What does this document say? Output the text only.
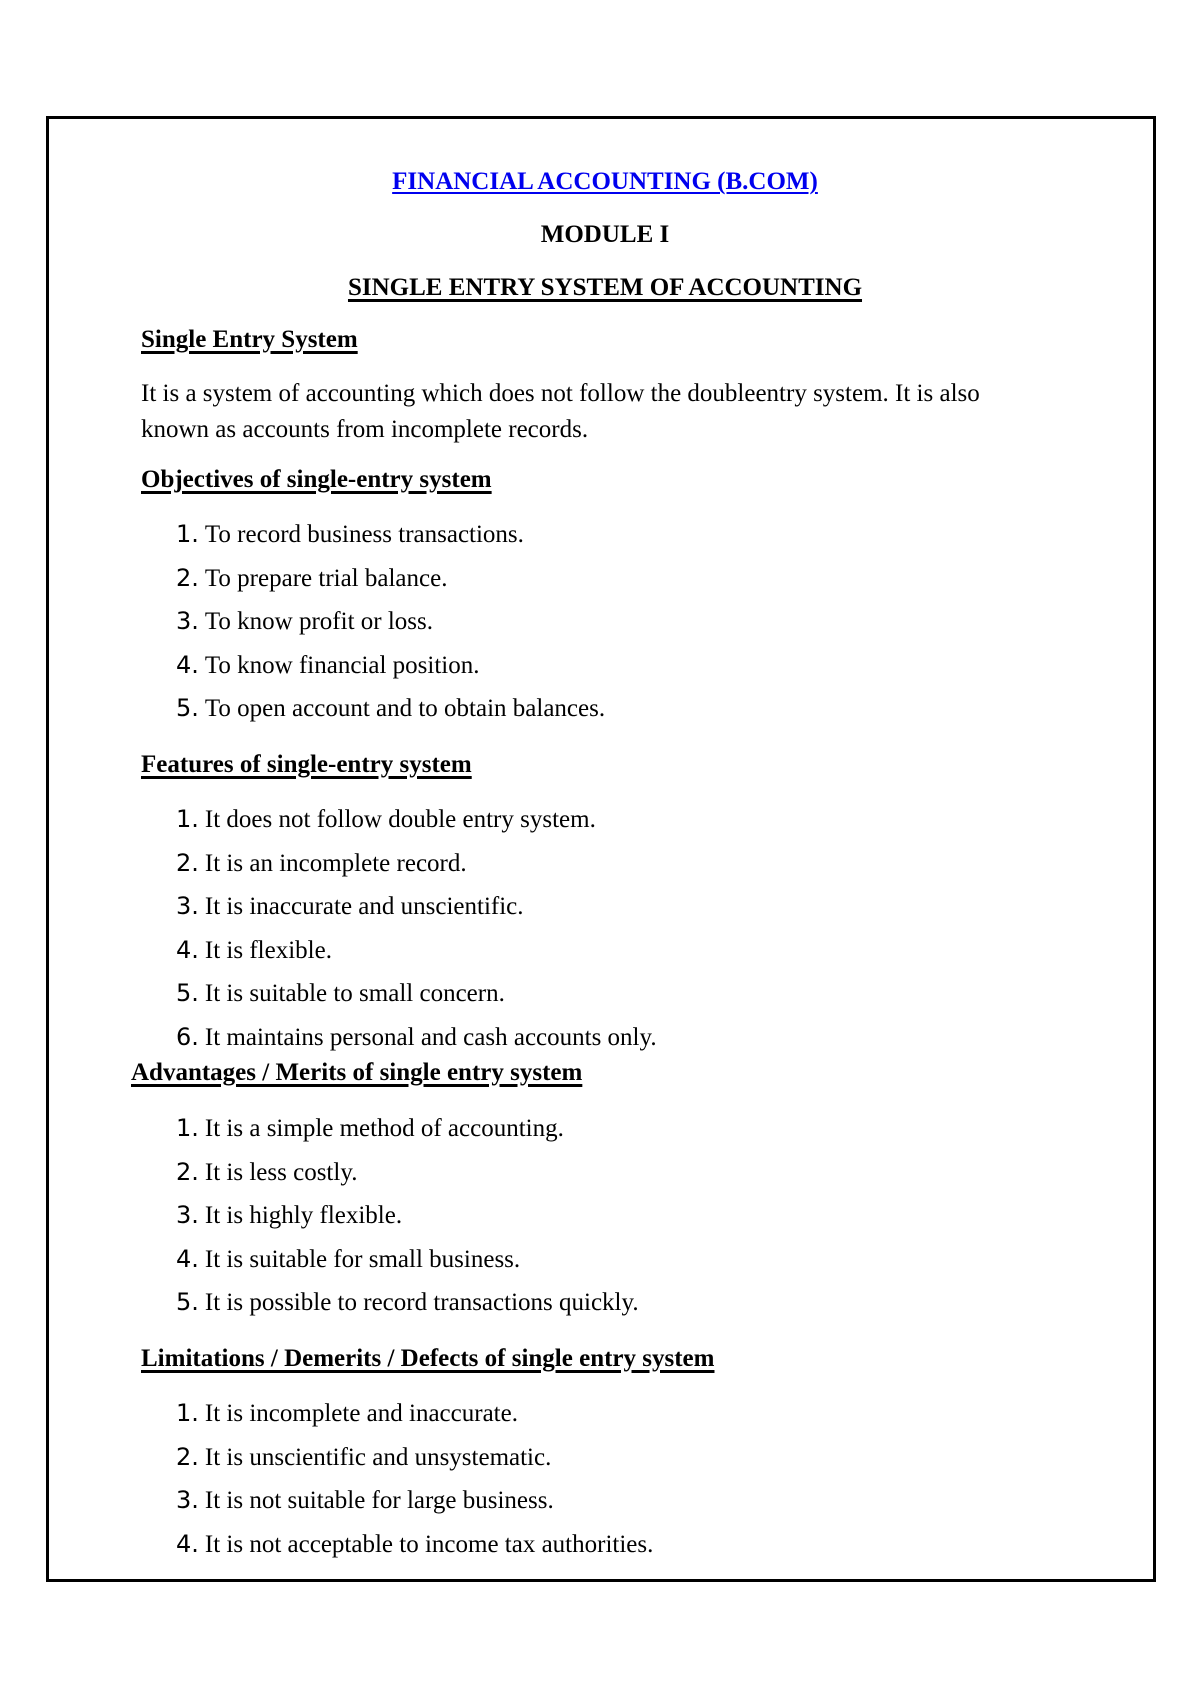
FINANCIAL ACCOUNTING (B.COM)
MODULE I
SINGLE ENTRY SYSTEM OF ACCOUNTING
Single Entry System
It is a system of accounting which does not follow the doubleentry system. It is also known as accounts from incomplete records.
Objectives of single-entry system
1. To record business transactions.
2. To prepare trial balance.
3. To know profit or loss.
4. To know financial position.
5. To open account and to obtain balances.
Features of single-entry system
1. It does not follow double entry system.
2. It is an incomplete record.
3. It is inaccurate and unscientific.
4. It is flexible.
5. It is suitable to small concern.
6. It maintains personal and cash accounts only.
Advantages / Merits of single entry system
1. It is a simple method of accounting.
2. It is less costly.
3. It is highly flexible.
4. It is suitable for small business.
5. It is possible to record transactions quickly.
Limitations / Demerits / Defects of single entry system
1. It is incomplete and inaccurate.
2. It is unscientific and unsystematic.
3. It is not suitable for large business.
4. It is not acceptable to income tax authorities.
